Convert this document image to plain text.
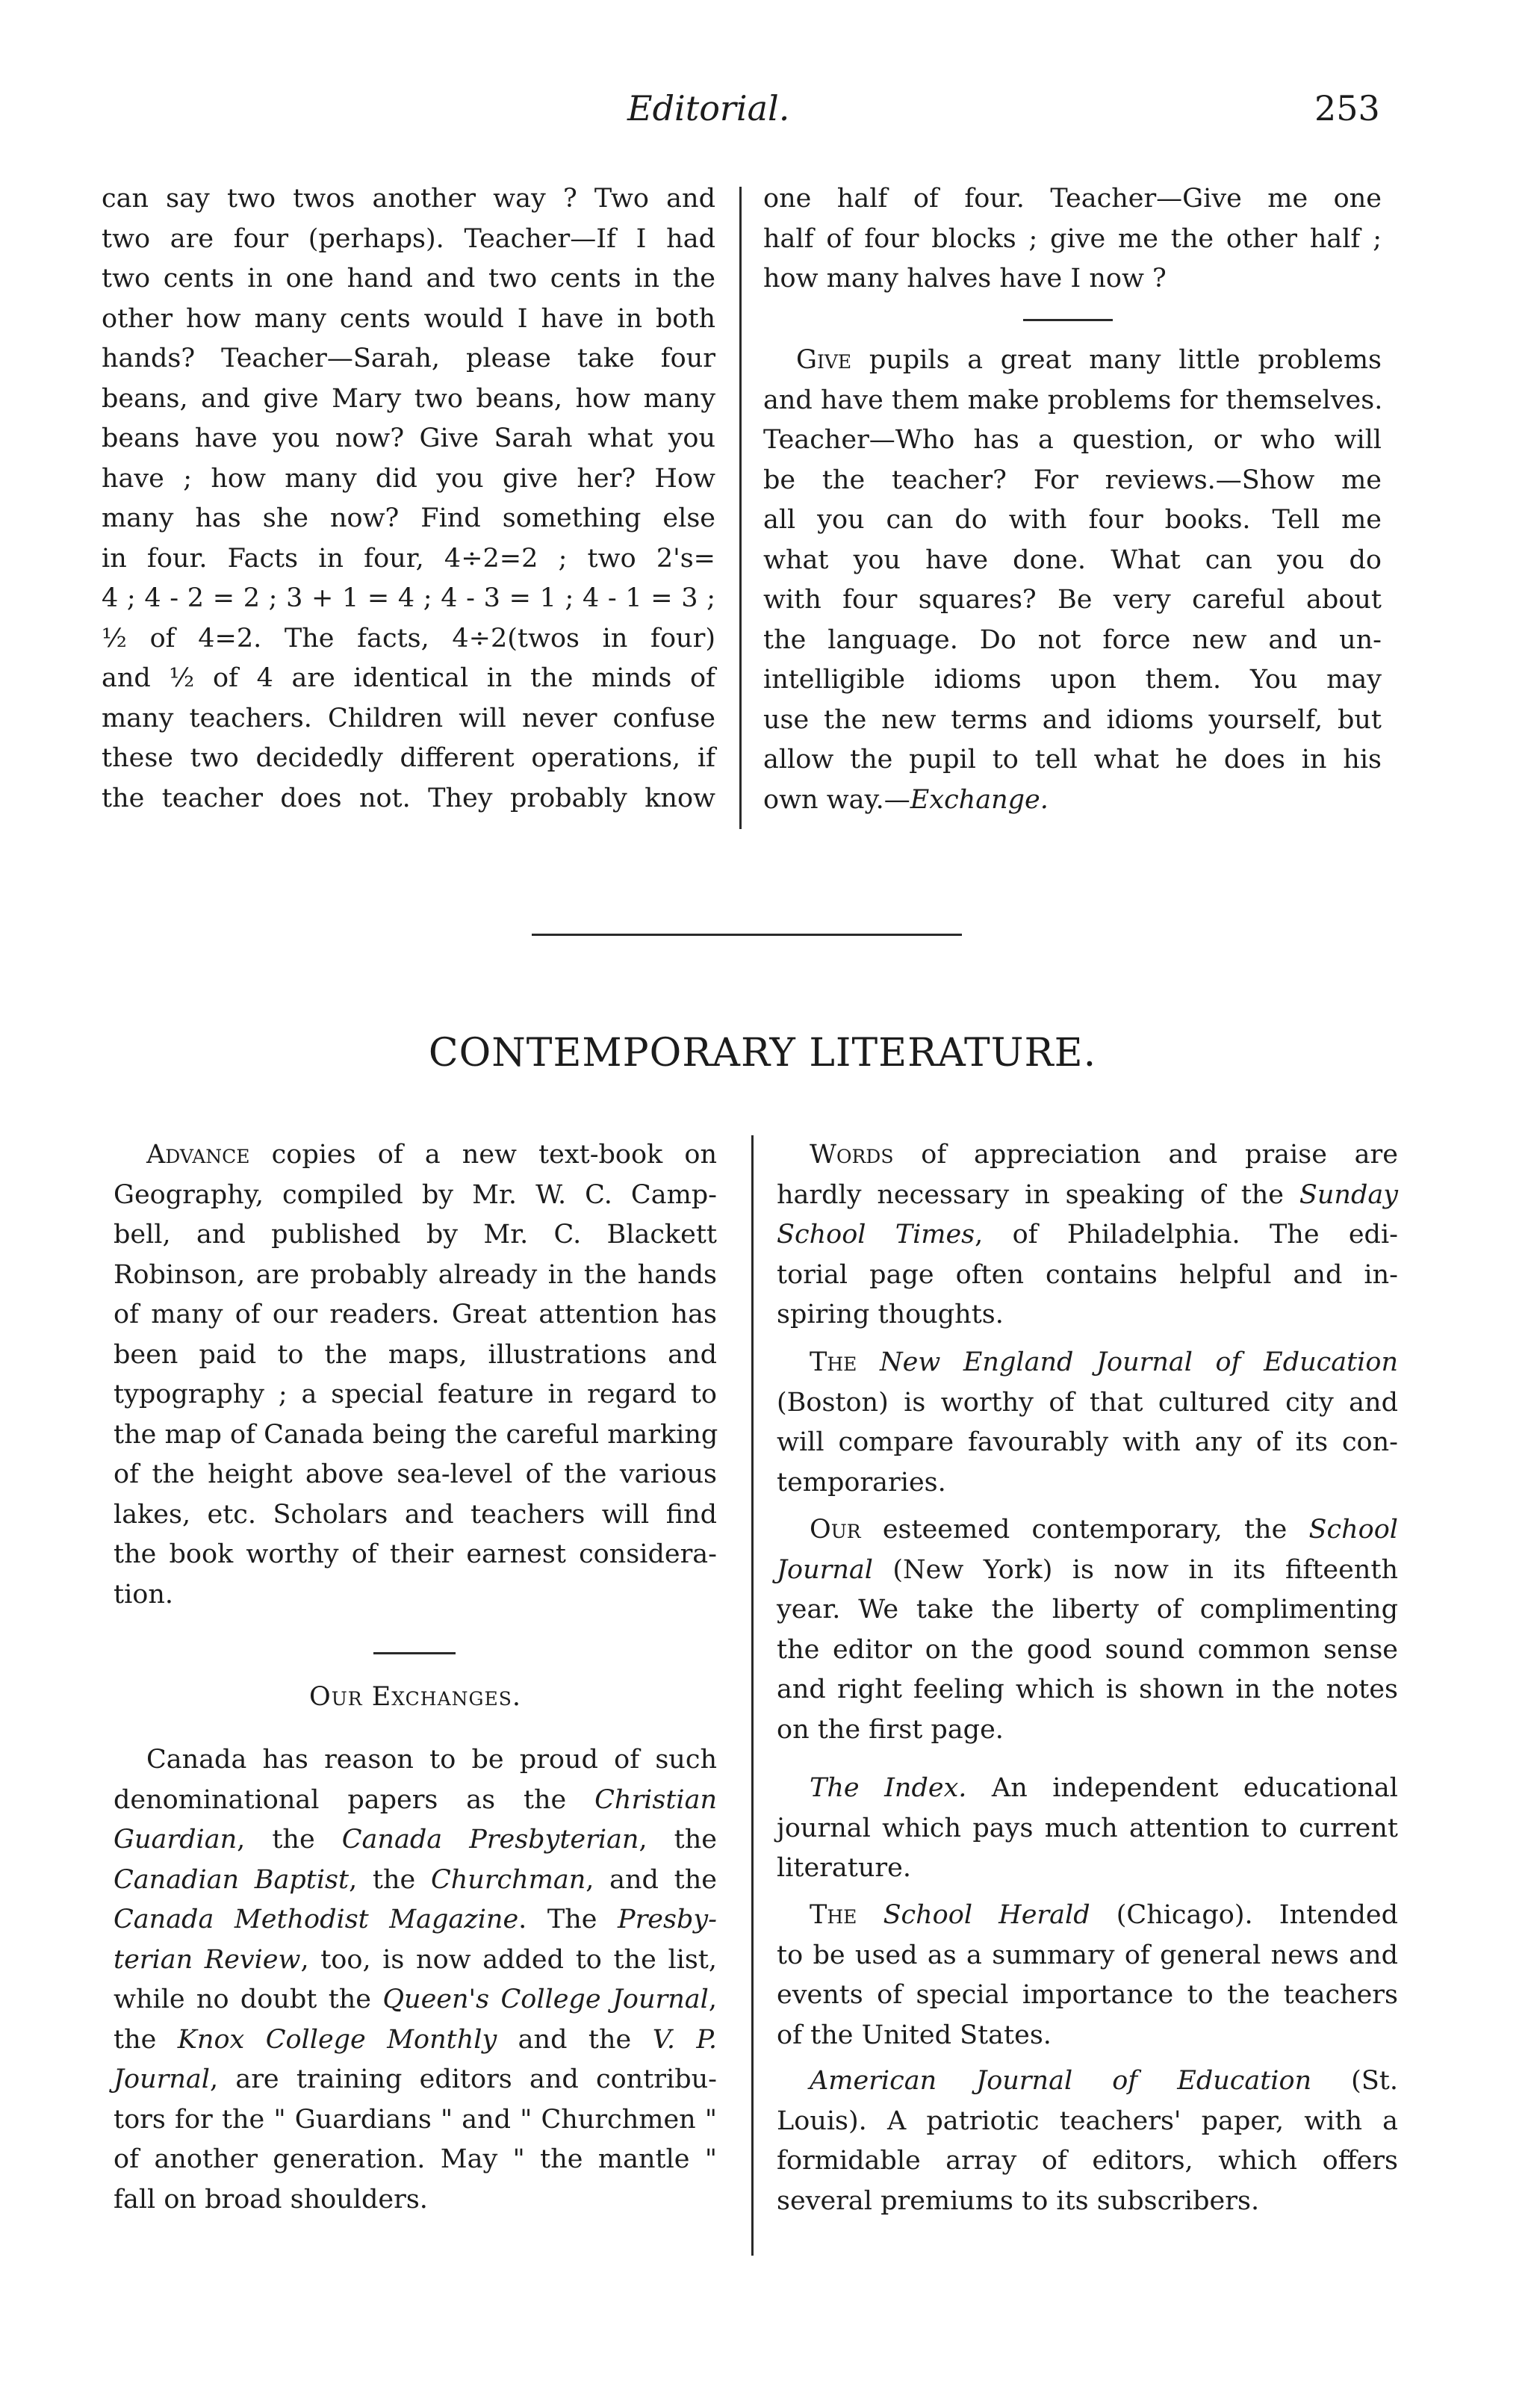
Editorial.	253
can say two twos another way ? Two and
two are four (perhaps). Teacher—If I had
two cents in one hand and two cents in the
other how many cents would I have in both
hands? Teacher—Sarah, please take four
beans, and give Mary two beans, how many
beans have you now? Give Sarah what you
have ; how many did you give her? How
many has she now? Find something else
in four. Facts in four, 4÷2=2 ; two 2's=
4 ; 4 - 2 = 2 ; 3 + 1 = 4 ; 4 - 3 = 1 ; 4 - 1 = 3 ;
½ of 4=2. The facts, 4÷2(twos in four)
and ½ of 4 are identical in the minds of
many teachers. Children will never confuse
these two decidedly different operations, if
the teacher does not. They probably know
one half of four. Teacher—Give me one
half of four blocks ; give me the other half ;
how many halves have I now ?
Give pupils a great many little problems
and have them make problems for themselves.
Teacher—Who has a question, or who will
be the teacher? For reviews.—Show me
all you can do with four books. Tell me
what you have done. What can you do
with four squares? Be very careful about
the language. Do not force new and un-
intelligible idioms upon them. You may
use the new terms and idioms yourself, but
allow the pupil to tell what he does in his
own way.—Exchange.
CONTEMPORARY LITERATURE.
Advance copies of a new text-book on
Geography, compiled by Mr. W. C. Camp-
bell, and published by Mr. C. Blackett
Robinson, are probably already in the hands
of many of our readers. Great attention has
been paid to the maps, illustrations and
typography ; a special feature in regard to
the map of Canada being the careful marking
of the height above sea-level of the various
lakes, etc. Scholars and teachers will find
the book worthy of their earnest considera-
tion.
Our Exchanges.
Canada has reason to be proud of such
denominational papers as the Christian
Guardian, the Canada Presbyterian, the
Canadian Baptist, the Churchman, and the
Canada Methodist Magazine. The Presby-
terian Review, too, is now added to the list,
while no doubt the Queen's College Journal,
the Knox College Monthly and the V. P.
Journal, are training editors and contribu-
tors for the " Guardians " and " Churchmen "
of another generation. May " the mantle "
fall on broad shoulders.
Words of appreciation and praise are
hardly necessary in speaking of the Sunday
School Times, of Philadelphia. The edi-
torial page often contains helpful and in-
spiring thoughts.
The New England Journal of Education
(Boston) is worthy of that cultured city and
will compare favourably with any of its con-
temporaries.
Our esteemed contemporary, the School
Journal (New York) is now in its fifteenth
year. We take the liberty of complimenting
the editor on the good sound common sense
and right feeling which is shown in the notes
on the first page.
The Index. An independent educational
journal which pays much attention to current
literature.
The School Herald (Chicago). Intended
to be used as a summary of general news and
events of special importance to the teachers
of the United States.
American Journal of Education (St.
Louis). A patriotic teachers' paper, with a
formidable array of editors, which offers
several premiums to its subscribers.
